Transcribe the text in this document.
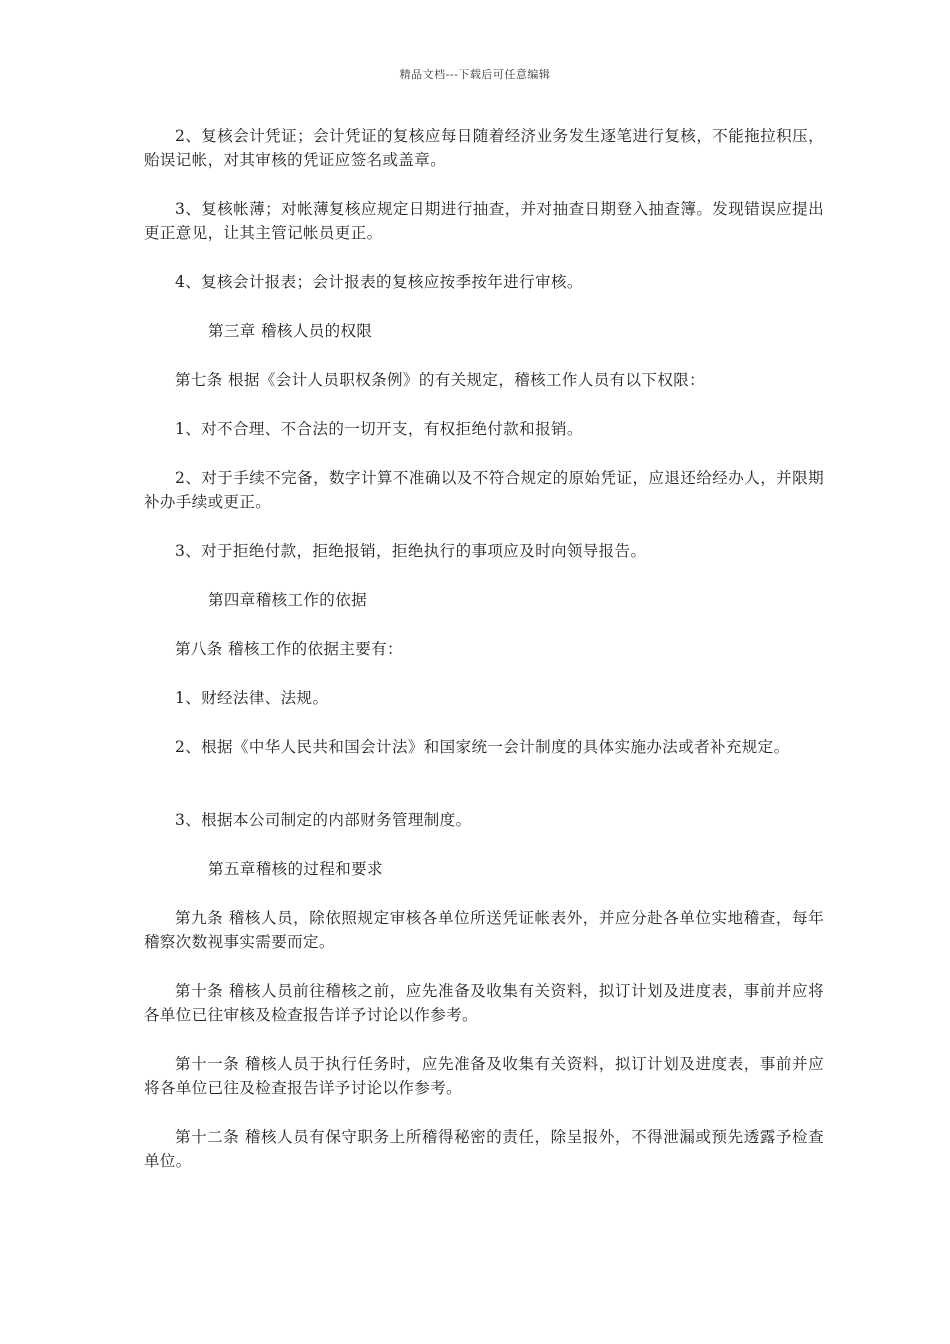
精品文档---下载后可任意编辑

2、复核会计凭证；会计凭证的复核应每日随着经济业务发生逐笔进行复核，不能拖拉积压，贻误记帐，对其审核的凭证应签名或盖章。

3、复核帐薄；对帐薄复核应规定日期进行抽查，并对抽查日期登入抽查簿。发现错误应提出更正意见，让其主管记帐员更正。

4、复核会计报表；会计报表的复核应按季按年进行审核。

第三章 稽核人员的权限

第七条 根据《会计人员职权条例》的有关规定，稽核工作人员有以下权限：

1、对不合理、不合法的一切开支，有权拒绝付款和报销。

2、对于手续不完备，数字计算不准确以及不符合规定的原始凭证，应退还给经办人，并限期补办手续或更正。

3、对于拒绝付款，拒绝报销，拒绝执行的事项应及时向领导报告。

第四章稽核工作的依据

第八条 稽核工作的依据主要有：

1、财经法律、法规。

2、根据《中华人民共和国会计法》和国家统一会计制度的具体实施办法或者补充规定。

3、根据本公司制定的内部财务管理制度。

第五章稽核的过程和要求

第九条 稽核人员，除依照规定审核各单位所送凭证帐表外，并应分赴各单位实地稽查，每年稽察次数视事实需要而定。

第十条 稽核人员前往稽核之前，应先准备及收集有关资料，拟订计划及进度表，事前并应将各单位已往审核及检查报告详予讨论以作参考。

第十一条 稽核人员于执行任务时，应先准备及收集有关资料，拟订计划及进度表，事前并应将各单位已往及检查报告详予讨论以作参考。

第十二条 稽核人员有保守职务上所稽得秘密的责任，除呈报外，不得泄漏或预先透露予检查单位。
